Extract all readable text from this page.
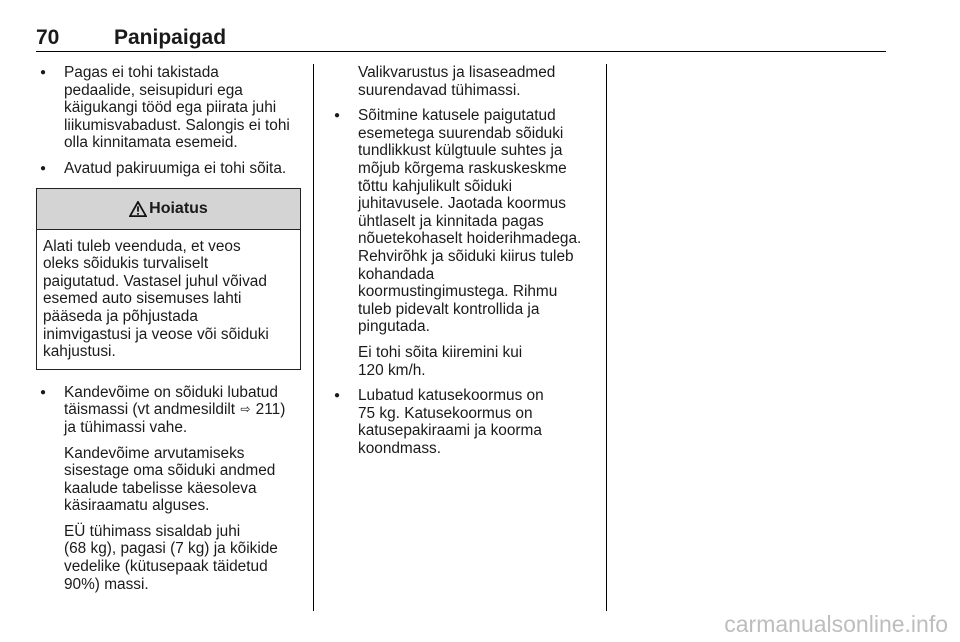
70	Panipaigad

● Pagas ei tohi takistada

pedaalide, seisupiduri ega

käigukangi tööd ega piirata juhi

liikumisvabadust. Salongis ei tohi

olla kinnitamata esemeid.

● Avatud pakiruumiga ei tohi sõita.

Hoiatus

Alati tuleb veenduda, et veos

oleks sõidukis turvaliselt

paigutatud. Vastasel juhul võivad

esemed auto sisemuses lahti

pääseda ja põhjustada

inimvigastusi ja veose või sõiduki

kahjustusi.

● Kandevõime on sõiduki lubatud

täismassi (vt andmesildilt ⇨ 211)

ja tühimassi vahe.

Kandevõime arvutamiseks

sisestage oma sõiduki andmed

kaalude tabelisse käesoleva

käsiraamatu alguses.

EÜ tühimass sisaldab juhi

(68 kg), pagasi (7 kg) ja kõikide

vedelike (kütusepaak täidetud

90%) massi.

Valikvarustus ja lisaseadmed

suurendavad tühimassi.

● Sõitmine katusele paigutatud

esemetega suurendab sõiduki

tundlikkust külgtuule suhtes ja

mõjub kõrgema raskuskeskme

tõttu kahjulikult sõiduki

juhitavusele. Jaotada koormus

ühtlaselt ja kinnitada pagas

nõuetekohaselt hoiderihmadega.

Rehvirõhk ja sõiduki kiirus tuleb

kohandada

koormustingimustega. Rihmu

tuleb pidevalt kontrollida ja

pingutada.

Ei tohi sõita kiiremini kui

120 km/h.

● Lubatud katusekoormus on

75 kg. Katusekoormus on

katusepakiraami ja koorma

koondmass.

carmanualsonline.info
